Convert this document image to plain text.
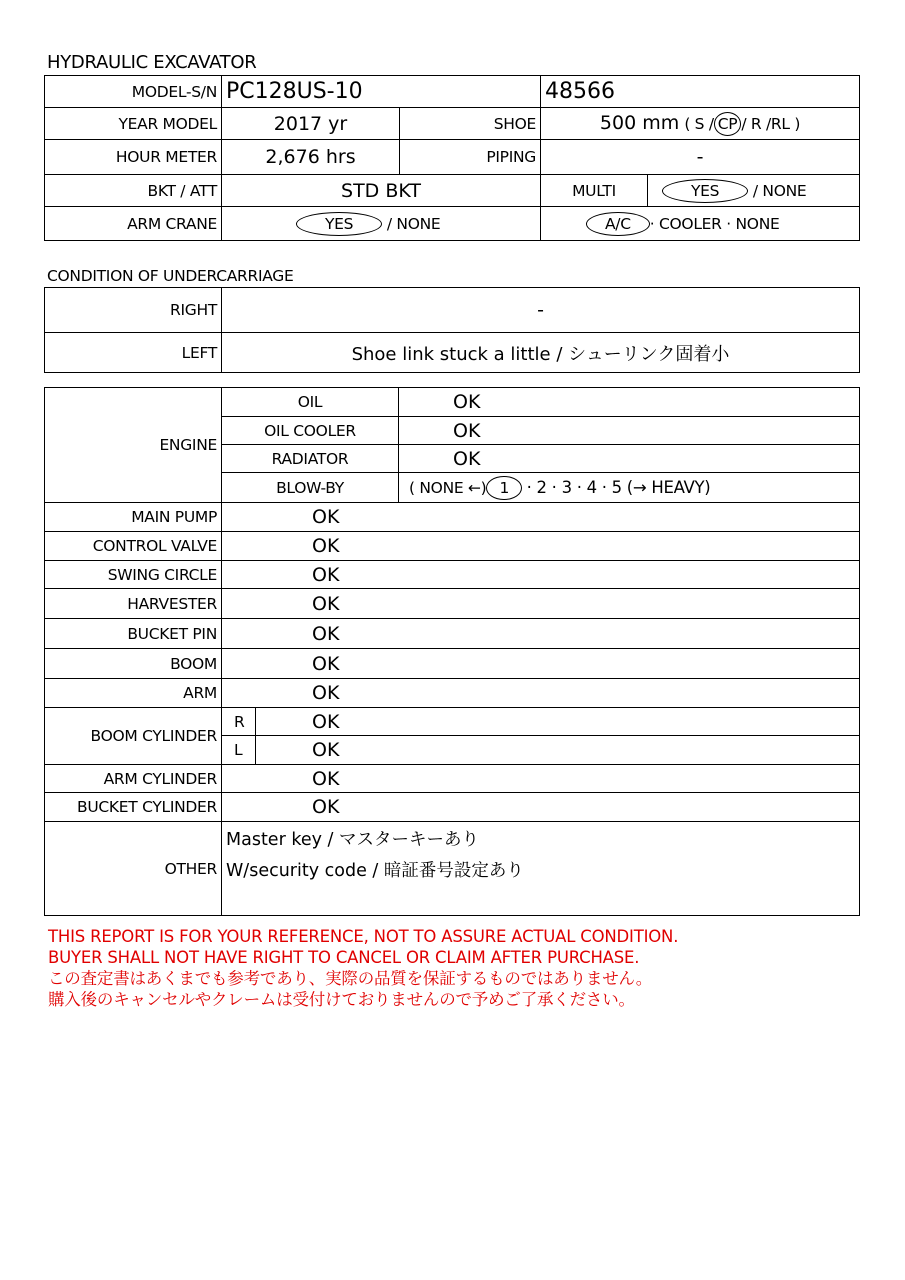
HYDRAULIC EXCAVATOR
MODEL-S/N	PC128US-10		48566	
YEAR MODEL	2017 yr	SHOE	500 mm ( S / CP / R /RL )	
HOUR METER	2,676 hrs	PIPING	-	
BKT / ATT	STD BKT		MULTI	YES / NONE
ARM CRANE	YES / NONE		A/C · COOLER · NONE	
CONDITION OF UNDERCARRIAGE
RIGHT	-
LEFT	Shoe link stuck a little / シューリンク固着小
ENGINE	OIL		OK
	OIL COOLER		OK
	RADIATOR		OK
	BLOW-BY		( NONE ←) 1 · 2 · 3 · 4 · 5 (→ HEAVY)
MAIN PUMP	OK		
CONTROL VALVE	OK		
SWING CIRCLE	OK		
HARVESTER	OK		
BUCKET PIN	OK		
BOOM	OK		
ARM	OK		
BOOM CYLINDER	R	OK	
	L	OK	
ARM CYLINDER	OK		
BUCKET CYLINDER	OK		
OTHER	Master key / マスターキーあり
W/security code / 暗証番号設定あり		
THIS REPORT IS FOR YOUR REFERENCE, NOT TO ASSURE ACTUAL CONDITION.
BUYER SHALL NOT HAVE RIGHT TO CANCEL OR CLAIM AFTER PURCHASE.
この査定書はあくまでも参考であり、実際の品質を保証するものではありません。
購入後のキャンセルやクレームは受付けておりませんので予めご了承ください。
